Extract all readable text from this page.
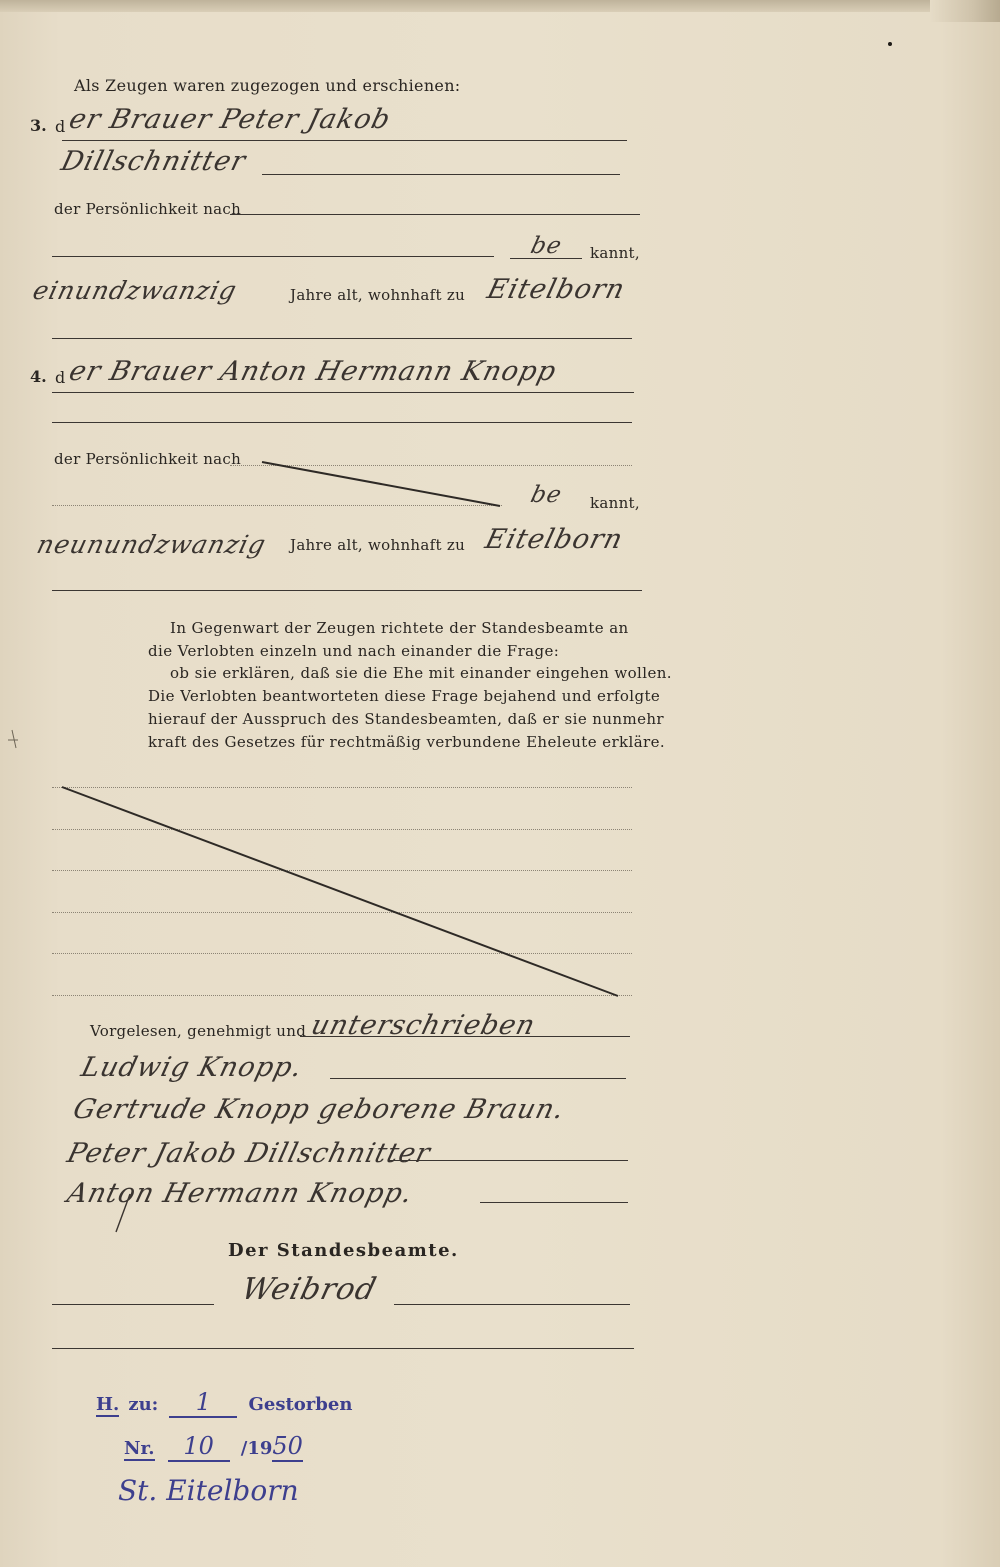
Als Zeugen waren zugezogen und erschienen:
3. d er Brauer Peter Jakob
Dillschnitter
der Persönlichkeit nach
be kannt,
einundzwanzig	Jahre alt, wohnhaft zu Eitelborn
4. d er Brauer Anton Hermann Knopp
der Persönlichkeit nach
be kannt,
neunundzwanzig Jahre alt, wohnhaft zu Eitelborn
In Gegenwart der Zeugen richtete der Standesbeamte an
die Verlobten einzeln und nach einander die Frage:
ob sie erklären, daß sie die Ehe mit einander eingehen wollen.
Die Verlobten beantworteten diese Frage bejahend und erfolgte
hierauf der Ausspruch des Standesbeamten, daß er sie nunmehr
kraft des Gesetzes für rechtmäßig verbundene Eheleute erkläre.
Vorgelesen, genehmigt und unterschrieben
Ludwig Knopp.
Gertrude Knopp geborene Braun.
Peter Jakob Dillschnitter
Anton Hermann Knopp.
Der Standesbeamte.
Weibrod
H. zu: 1 Gestorben
Nr. 10 /1950
St. Eitelborn
